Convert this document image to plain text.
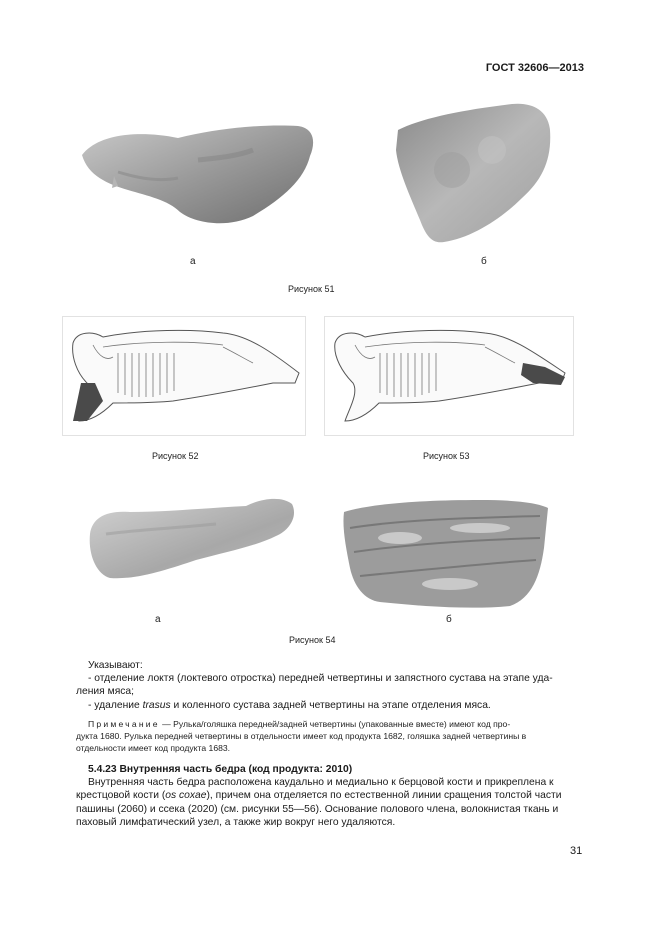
ГОСТ 32606—2013
а	б
Рисунок 51
Рисунок 52	Рисунок 53
а	б
Рисунок 54

Указывают:

- отделение локтя (локтевого отростка) передней четвертины и запястного сустава на этапе уда-

ления мяса;

- удаление trasus и коленного сустава задней четвертины на этапе отделения мяса.

Примечание — Рулька/голяшка передней/задней четвертины (упакованные вместе) имеют код про-

дукта 1680. Рулька передней четвертины в отдельности имеет код продукта 1682, голяшка задней четвертины в

отдельности имеет код продукта 1683.

5.4.23 Внутренняя часть бедра (код продукта: 2010)

Внутренняя часть бедра расположена каудально и медиально к берцовой кости и прикреплена к

крестцовой кости (os coxae), причем она отделяется по естественной линии сращения толстой части

пашины (2060) и ссека (2020) (см. рисунки 55—56). Основание полового члена, волокнистая ткань и

паховый лимфатический узел, а также жир вокруг него удаляются.

31
